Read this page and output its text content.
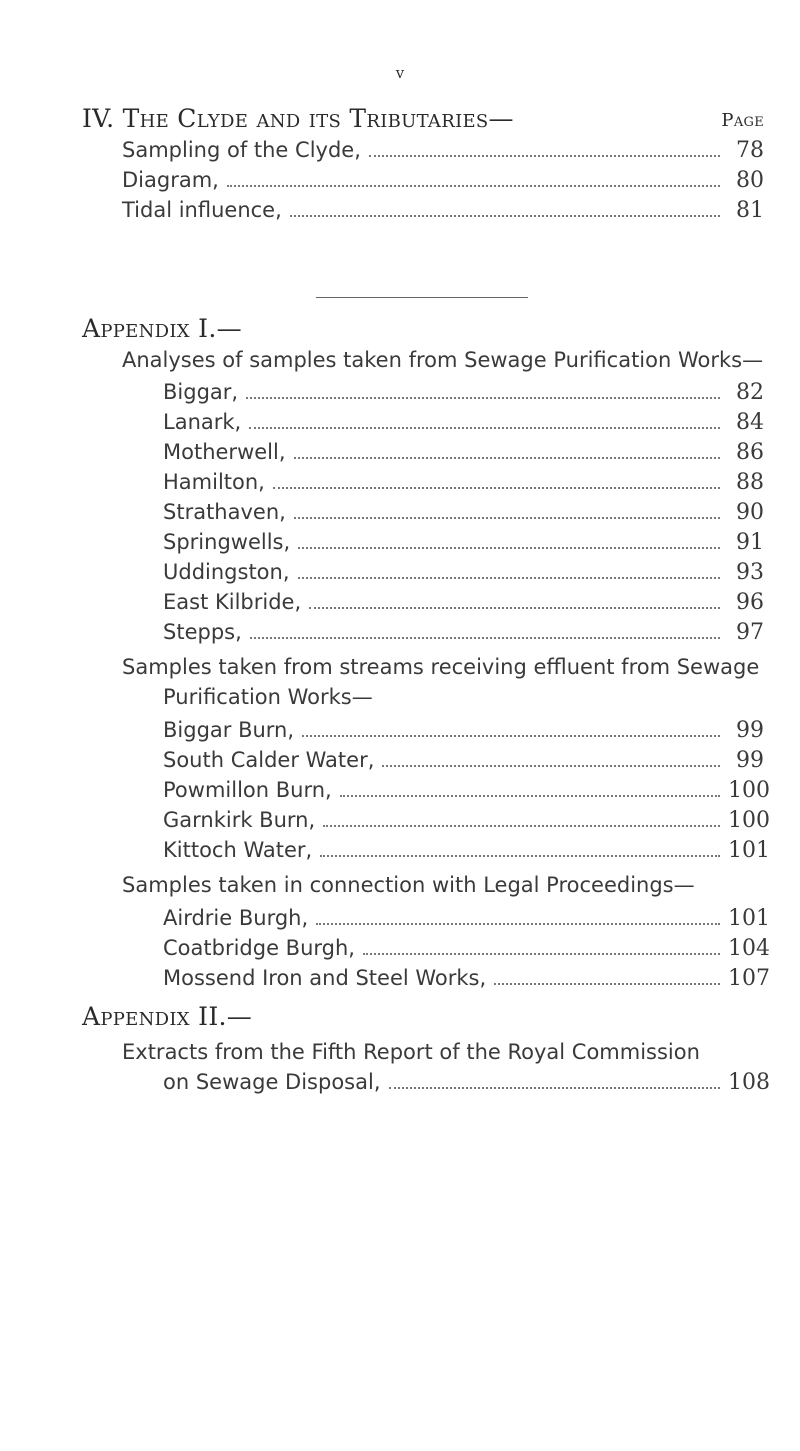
v
IV. The Clyde and its Tributaries—	Page
Sampling of the Clyde,	78
Diagram,	80
Tidal influence,	81
Appendix I.—
Analyses of samples taken from Sewage Purification Works—
Biggar,	82
Lanark,	84
Motherwell,	86
Hamilton,	88
Strathaven,	90
Springwells,	91
Uddingston,	93
East Kilbride,	96
Stepps,	97
Samples taken from streams receiving effluent from Sewage
Purification Works—
Biggar Burn,	99
South Calder Water,	99
Powmillon Burn,	100
Garnkirk Burn,	100
Kittoch Water,	101
Samples taken in connection with Legal Proceedings—
Airdrie Burgh,	101
Coatbridge Burgh,	104
Mossend Iron and Steel Works,	107
Appendix II.—
Extracts from the Fifth Report of the Royal Commission
on Sewage Disposal,	108
